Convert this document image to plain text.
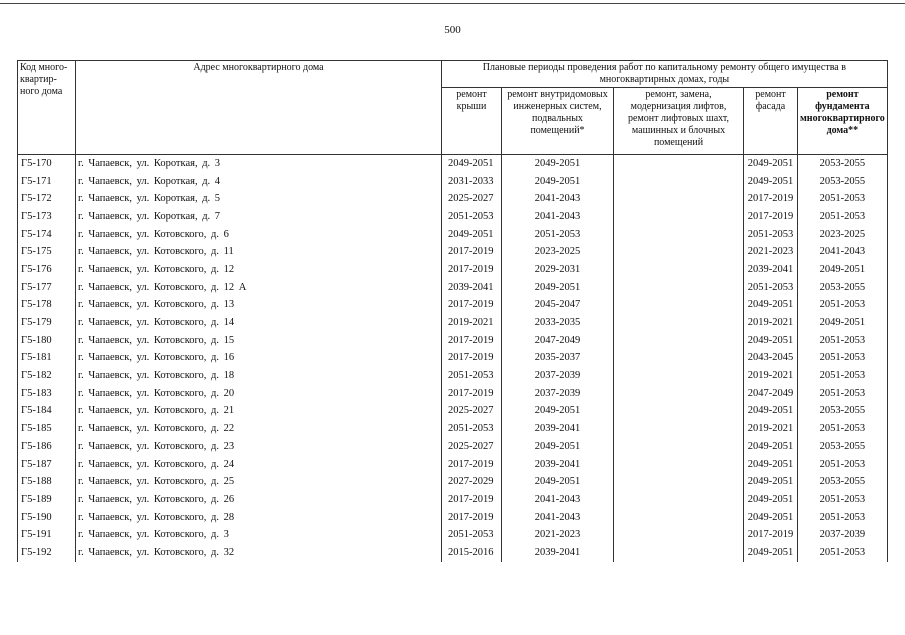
500
Код много-квартир-ного дома	Адрес многоквартирного дома	Плановые периоды проведения работ по капитальному ремонту общего имущества в многоквартирных домах, годы				
		ремонт крыши	ремонт внутридомовых инженерных систем, подвальных помещений*	ремонт, замена, модернизация лифтов, ремонт лифтовых шахт, машинных и блочных помещений	ремонт фасада	ремонт фундамента многоквартирного дома**
Г5-170	г. Чапаевск, ул. Короткая, д. 3	2049-2051	2049-2051		2049-2051	2053-2055
Г5-171	г. Чапаевск, ул. Короткая, д. 4	2031-2033	2049-2051		2049-2051	2053-2055
Г5-172	г. Чапаевск, ул. Короткая, д. 5	2025-2027	2041-2043		2017-2019	2051-2053
Г5-173	г. Чапаевск, ул. Короткая, д. 7	2051-2053	2041-2043		2017-2019	2051-2053
Г5-174	г. Чапаевск, ул. Котовского, д. 6	2049-2051	2051-2053		2051-2053	2023-2025
Г5-175	г. Чапаевск, ул. Котовского, д. 11	2017-2019	2023-2025		2021-2023	2041-2043
Г5-176	г. Чапаевск, ул. Котовского, д. 12	2017-2019	2029-2031		2039-2041	2049-2051
Г5-177	г. Чапаевск, ул. Котовского, д. 12 А	2039-2041	2049-2051		2051-2053	2053-2055
Г5-178	г. Чапаевск, ул. Котовского, д. 13	2017-2019	2045-2047		2049-2051	2051-2053
Г5-179	г. Чапаевск, ул. Котовского, д. 14	2019-2021	2033-2035		2019-2021	2049-2051
Г5-180	г. Чапаевск, ул. Котовского, д. 15	2017-2019	2047-2049		2049-2051	2051-2053
Г5-181	г. Чапаевск, ул. Котовского, д. 16	2017-2019	2035-2037		2043-2045	2051-2053
Г5-182	г. Чапаевск, ул. Котовского, д. 18	2051-2053	2037-2039		2019-2021	2051-2053
Г5-183	г. Чапаевск, ул. Котовского, д. 20	2017-2019	2037-2039		2047-2049	2051-2053
Г5-184	г. Чапаевск, ул. Котовского, д. 21	2025-2027	2049-2051		2049-2051	2053-2055
Г5-185	г. Чапаевск, ул. Котовского, д. 22	2051-2053	2039-2041		2019-2021	2051-2053
Г5-186	г. Чапаевск, ул. Котовского, д. 23	2025-2027	2049-2051		2049-2051	2053-2055
Г5-187	г. Чапаевск, ул. Котовского, д. 24	2017-2019	2039-2041		2049-2051	2051-2053
Г5-188	г. Чапаевск, ул. Котовского, д. 25	2027-2029	2049-2051		2049-2051	2053-2055
Г5-189	г. Чапаевск, ул. Котовского, д. 26	2017-2019	2041-2043		2049-2051	2051-2053
Г5-190	г. Чапаевск, ул. Котовского, д. 28	2017-2019	2041-2043		2049-2051	2051-2053
Г5-191	г. Чапаевск, ул. Котовского, д. 3	2051-2053	2021-2023		2017-2019	2037-2039
Г5-192	г. Чапаевск, ул. Котовского, д. 32	2015-2016	2039-2041		2049-2051	2051-2053
